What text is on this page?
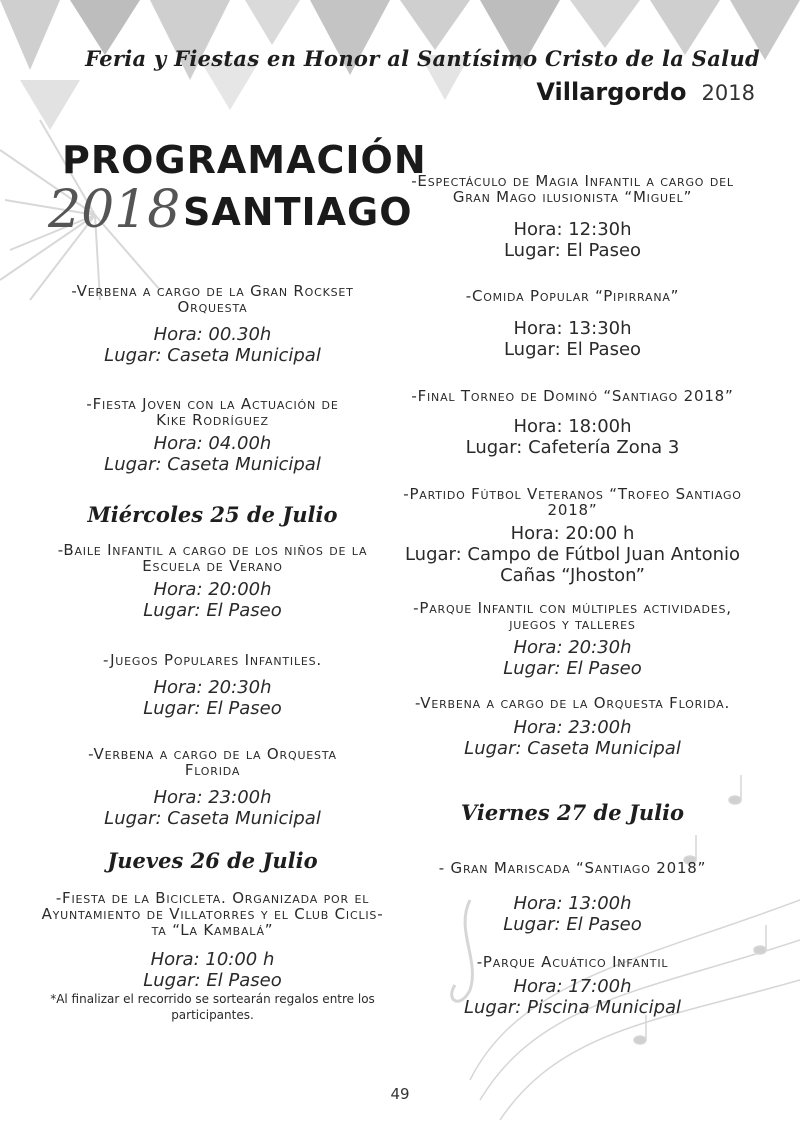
Feria y Fiestas en Honor al Santísimo Cristo de la Salud
Villargordo 2018
PROGRAMACIÓN
2018 SANTIAGO

-Verbena a cargo de la Gran Rockset

Orquesta

Hora: 00.30h

Lugar: Caseta Municipal

-Fiesta Joven con la Actuación de

Kike Rodríguez

Hora: 04.00h

Lugar: Caseta Municipal

Miércoles 25 de Julio

-Baile Infantil a cargo de los niños de la

Escuela de Verano

Hora: 20:00h

Lugar: El Paseo

-Juegos Populares Infantiles.

Hora: 20:30h

Lugar: El Paseo

-Verbena a cargo de la Orquesta

Florida

Hora: 23:00h

Lugar: Caseta Municipal

Jueves 26 de Julio

-Fiesta de la Bicicleta. Organizada por el

Ayuntamiento de Villatorres y el Club Ciclis-

ta “La Kambalá”

Hora: 10:00 h

Lugar: El Paseo

*Al finalizar el recorrido se sortearán regalos entre los

participantes.

-Espectáculo de Magia Infantil a cargo del

Gran Mago ilusionista “Miguel”

Hora: 12:30h

Lugar: El Paseo

-Comida Popular “Pipirrana”

Hora: 13:30h

Lugar: El Paseo

-Final Torneo de Dominó “Santiago 2018”

Hora: 18:00h

Lugar: Cafetería Zona 3

-Partido Fútbol Veteranos “Trofeo Santiago

2018”

Hora: 20:00 h

Lugar: Campo de Fútbol Juan Antonio

Cañas “Jhoston”

-Parque Infantil con múltiples actividades,

juegos y talleres

Hora: 20:30h

Lugar: El Paseo

-Verbena a cargo de la Orquesta Florida.

Hora: 23:00h

Lugar: Caseta Municipal

Viernes 27 de Julio

- Gran Mariscada “Santiago 2018”

Hora: 13:00h

Lugar: El Paseo

-Parque Acuático Infantil

Hora: 17:00h

Lugar: Piscina Municipal

49
